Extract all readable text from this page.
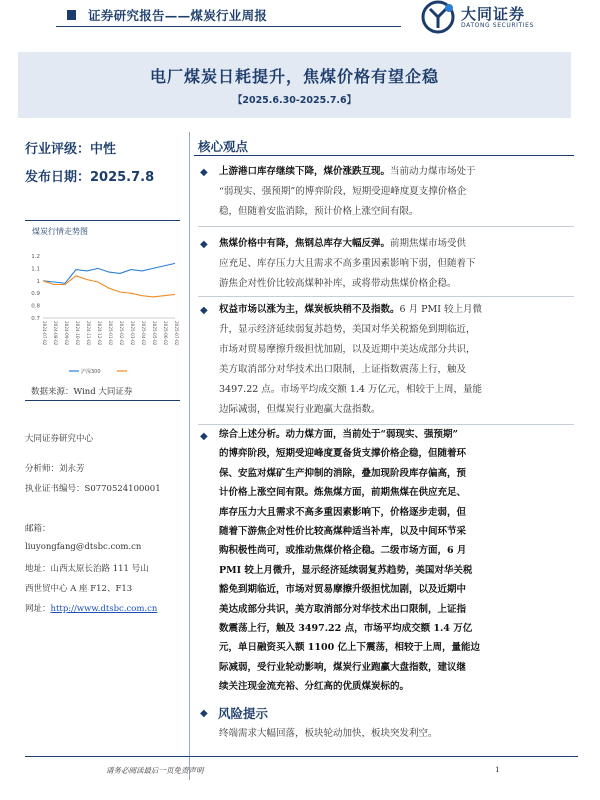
证券研究报告——煤炭行业周报	大同证券
DATONG SECURITIES
电厂煤炭日耗提升，焦煤价格有望企稳
【2025.6.30-2025.7.6】
行业评级：中性
发布日期：2025.7.8
煤炭行情走势图
1.2
1.1
1
0.9
0.8
0.7
2024-07-02 2024-08-02 2024-09-02 2024-10-02 2024-11-02 2024-12-02 2025-01-02 2025-02-02 2025-03-02 2025-04-02 2025-05-02 2025-06-02 2025-07-02
沪深300
数据来源：Wind 大同证券
大同证券研究中心
分析师：刘永芳
执业证书编号：S0770524100001
邮箱：
liuyongfang@dtsbc.com.cn
地址：山西太原长治路 111 号山
西世贸中心 A 座 F12、F13
网址：http://www.dtsbc.com.cn
核心观点
◆ 上游港口库存继续下降，煤价涨跌互现。当前动力煤市场处于
“弱现实、强预期”的博弈阶段，短期受迎峰度夏支撑价格企
稳，但随着安监消除，预计价格上涨空间有限。
◆ 焦煤价格中有降，焦钢总库存大幅反弹。前期焦煤市场受供
应充足、库存压力大且需求不高多重因素影响下弱，但随着下
游焦企对性价比较高煤种补库，或将带动焦煤价格企稳。
◆ 权益市场以涨为主，煤炭板块稍不及指数。6 月 PMI 较上月微
升，显示经济延续弱复苏趋势，美国对华关税豁免到期临近，
市场对贸易摩擦升级担忧加剧，以及近期中美达成部分共识，
美方取消部分对华技术出口限制，上证指数震荡上行，触及
3497.22 点。市场平均成交额 1.4 万亿元，相较于上周，量能
边际减弱，但煤炭行业跑赢大盘指数。
◆ 综合上述分析。动力煤方面，当前处于“弱现实、强预期”
的博弈阶段，短期受迎峰度夏备货支撑价格企稳，但随着环
保、安监对煤矿生产抑制的消除，叠加现阶段库存偏高，预
计价格上涨空间有限。炼焦煤方面，前期焦煤在供应充足、
库存压力大且需求不高多重因素影响下，价格逐步走弱，但
随着下游焦企对性价比较高煤种适当补库，以及中间环节采
购积极性尚可，或推动焦煤价格企稳。二级市场方面，6 月
PMI 较上月微升，显示经济延续弱复苏趋势，美国对华关税
豁免到期临近，市场对贸易摩擦升级担忧加剧，以及近期中
美达成部分共识，美方取消部分对华技术出口限制，上证指
数震荡上行，触及 3497.22 点，市场平均成交额 1.4 万亿
元，单日融资买入额 1100 亿上下震荡，相较于上周，量能边
际减弱，受行业轮动影响，煤炭行业跑赢大盘指数，建议继
续关注现金流充裕、分红高的优质煤炭标的。
◆ 风险提示
终端需求大幅回落，板块轮动加快，板块突发利空。
请务必阅读最后一页免责声明	1
